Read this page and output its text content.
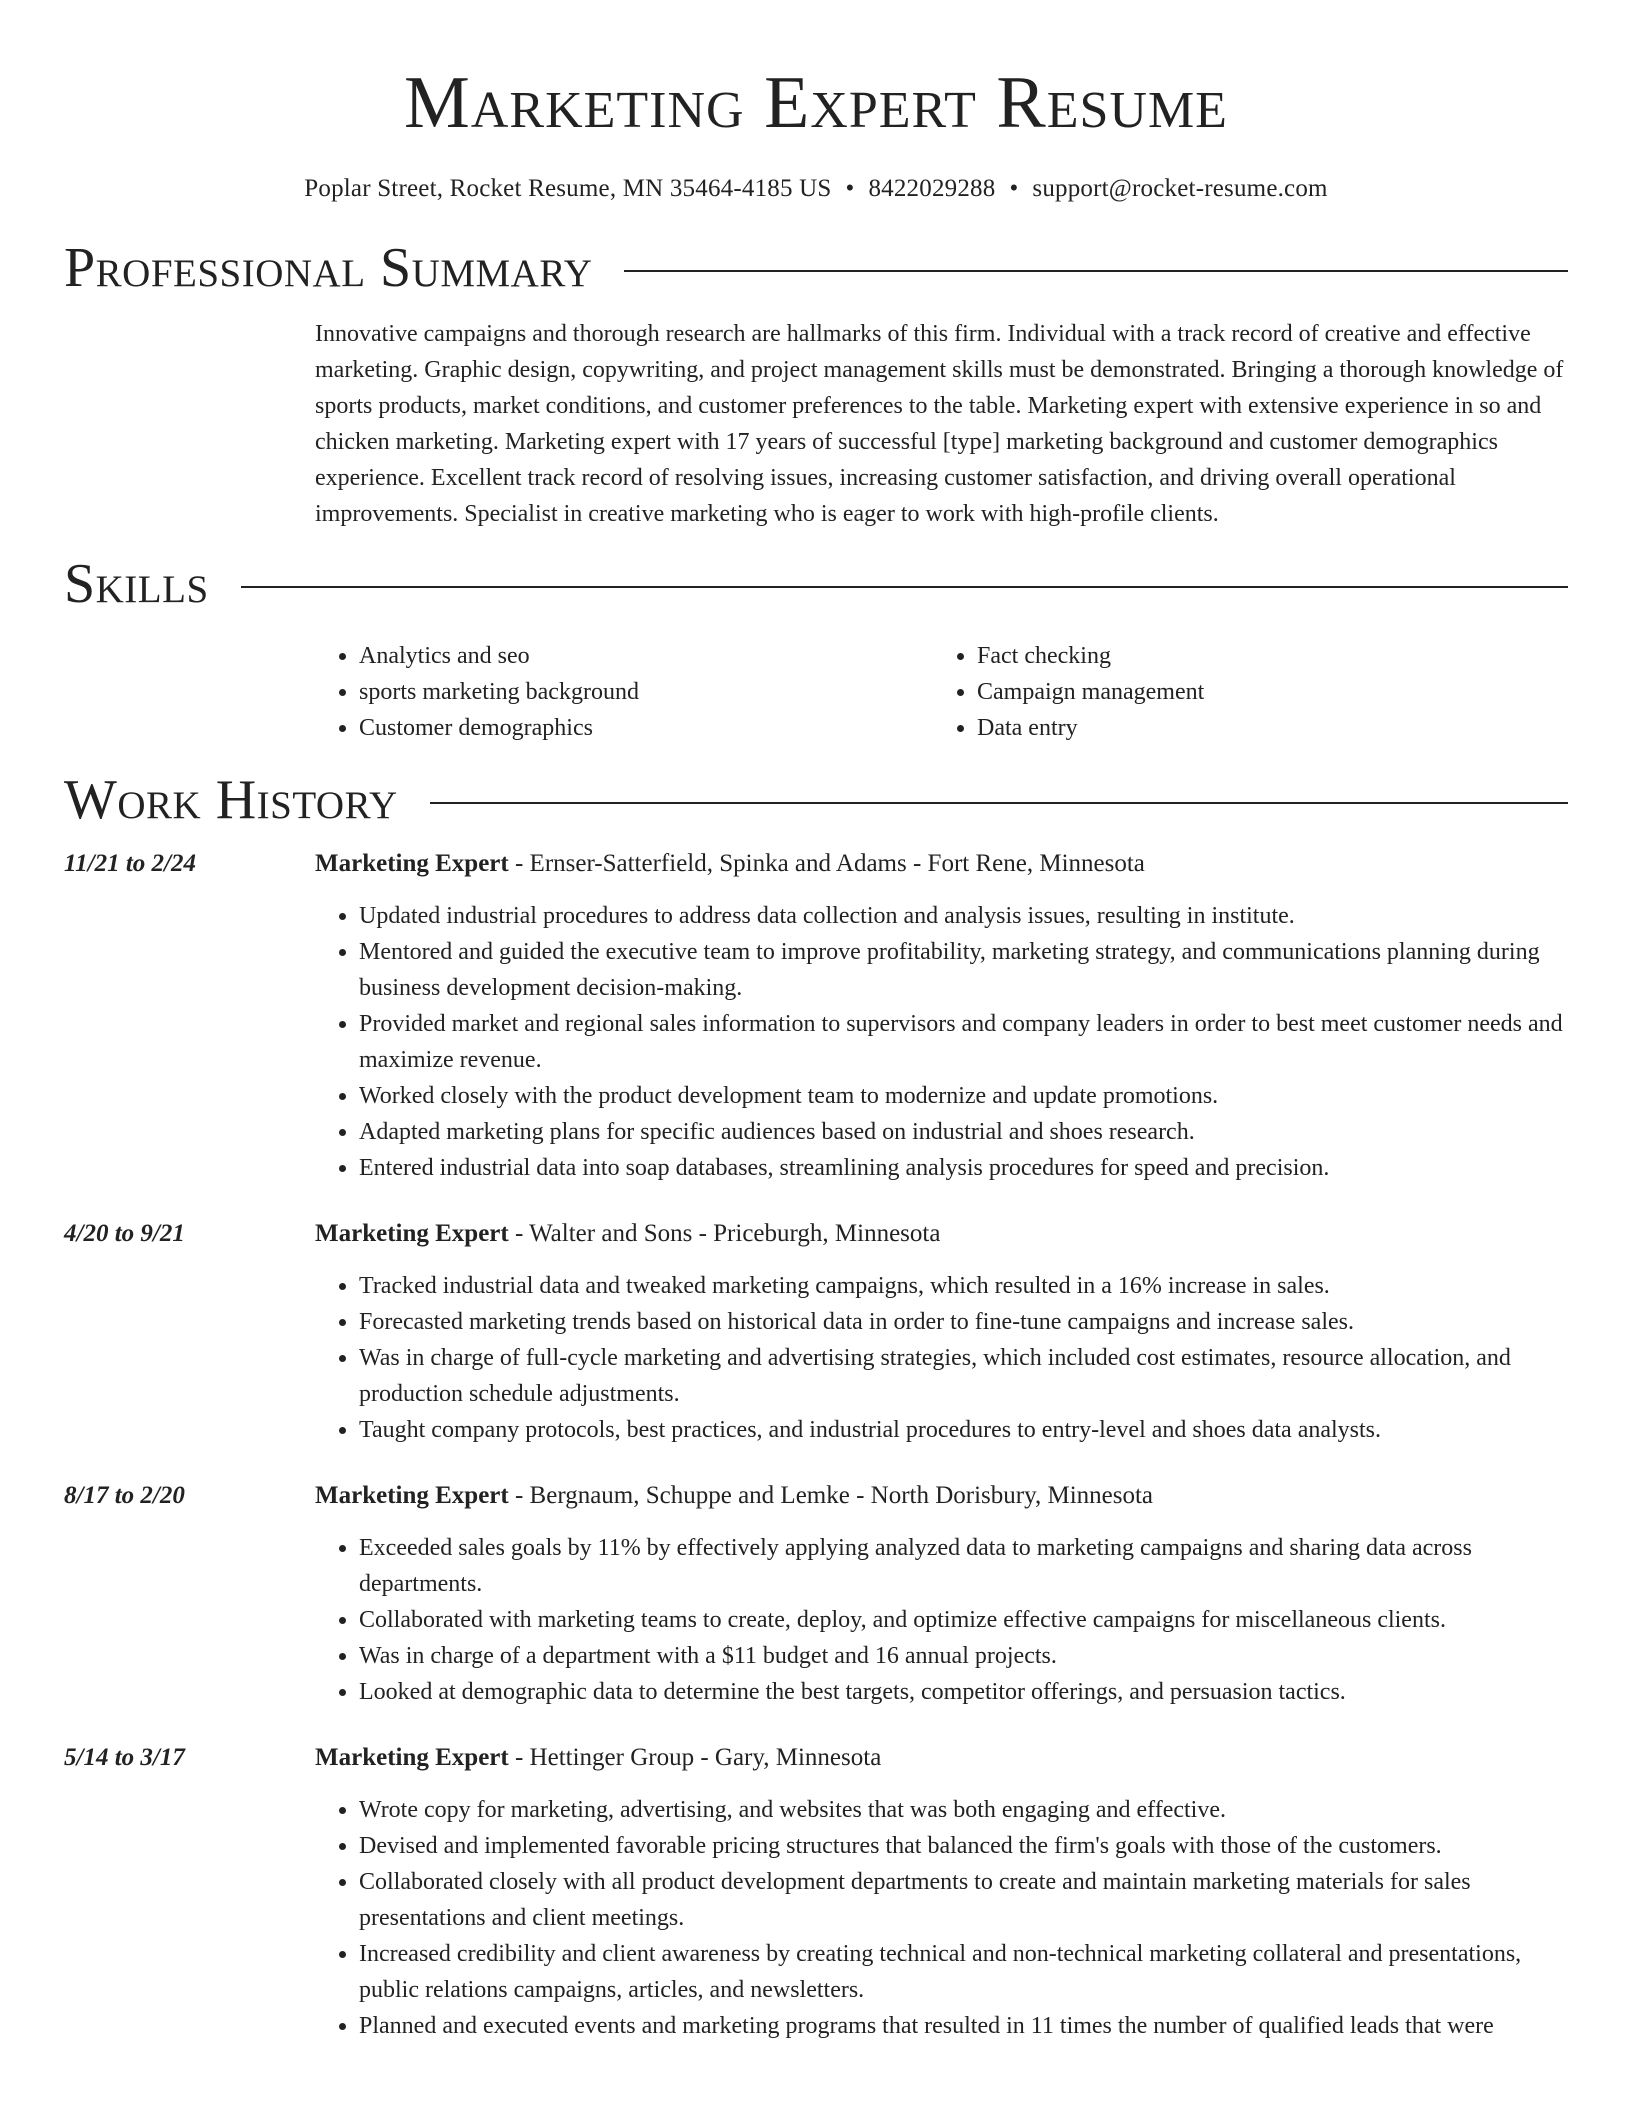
Marketing Expert Resume
Poplar Street, Rocket Resume, MN 35464-4185 US • 8422029288 • support@rocket-resume.com
Professional Summary
Innovative campaigns and thorough research are hallmarks of this firm. Individual with a track record of creative and effective marketing. Graphic design, copywriting, and project management skills must be demonstrated. Bringing a thorough knowledge of sports products, market conditions, and customer preferences to the table. Marketing expert with extensive experience in so and chicken marketing. Marketing expert with 17 years of successful [type] marketing background and customer demographics experience. Excellent track record of resolving issues, increasing customer satisfaction, and driving overall operational improvements. Specialist in creative marketing who is eager to work with high-profile clients.
Skills
• Analytics and seo
• sports marketing background
• Customer demographics
• Fact checking
• Campaign management
• Data entry
Work History
11/21 to 2/24	Marketing Expert - Ernser-Satterfield, Spinka and Adams - Fort Rene, Minnesota
• Updated industrial procedures to address data collection and analysis issues, resulting in institute.
• Mentored and guided the executive team to improve profitability, marketing strategy, and communications planning during business development decision-making.
• Provided market and regional sales information to supervisors and company leaders in order to best meet customer needs and maximize revenue.
• Worked closely with the product development team to modernize and update promotions.
• Adapted marketing plans for specific audiences based on industrial and shoes research.
• Entered industrial data into soap databases, streamlining analysis procedures for speed and precision.
4/20 to 9/21	Marketing Expert - Walter and Sons - Priceburgh, Minnesota
• Tracked industrial data and tweaked marketing campaigns, which resulted in a 16% increase in sales.
• Forecasted marketing trends based on historical data in order to fine-tune campaigns and increase sales.
• Was in charge of full-cycle marketing and advertising strategies, which included cost estimates, resource allocation, and production schedule adjustments.
• Taught company protocols, best practices, and industrial procedures to entry-level and shoes data analysts.
8/17 to 2/20	Marketing Expert - Bergnaum, Schuppe and Lemke - North Dorisbury, Minnesota
• Exceeded sales goals by 11% by effectively applying analyzed data to marketing campaigns and sharing data across departments.
• Collaborated with marketing teams to create, deploy, and optimize effective campaigns for miscellaneous clients.
• Was in charge of a department with a $11 budget and 16 annual projects.
• Looked at demographic data to determine the best targets, competitor offerings, and persuasion tactics.
5/14 to 3/17	Marketing Expert - Hettinger Group - Gary, Minnesota
• Wrote copy for marketing, advertising, and websites that was both engaging and effective.
• Devised and implemented favorable pricing structures that balanced the firm's goals with those of the customers.
• Collaborated closely with all product development departments to create and maintain marketing materials for sales presentations and client meetings.
• Increased credibility and client awareness by creating technical and non-technical marketing collateral and presentations, public relations campaigns, articles, and newsletters.
• Planned and executed events and marketing programs that resulted in 11 times the number of qualified leads that were
